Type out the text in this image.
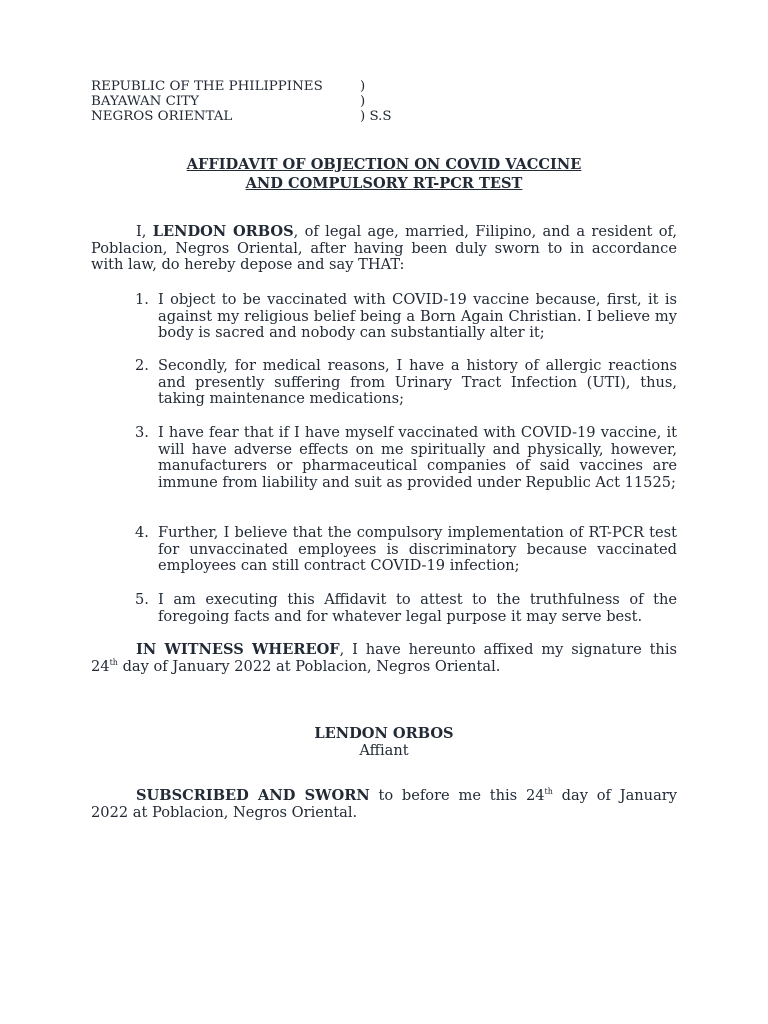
REPUBLIC OF THE PHILIPPINES	)
BAYAWAN CITY	)
NEGROS ORIENTAL	) S.S
AFFIDAVIT OF OBJECTION ON COVID VACCINE
AND COMPULSORY RT-PCR TEST

I, LENDON ORBOS, of legal age, married, Filipino, and a resident of, Poblacion, Negros Oriental, after having been duly sworn to in accordance with law, do hereby depose and say THAT:

1. I object to be vaccinated with COVID-19 vaccine because, first, it is against my religious belief being a Born Again Christian. I believe my body is sacred and nobody can substantially alter it;
2. Secondly, for medical reasons, I have a history of allergic reactions and presently suffering from Urinary Tract Infection (UTI), thus, taking maintenance medications;
3. I have fear that if I have myself vaccinated with COVID-19 vaccine, it will have adverse effects on me spiritually and physically, however, manufacturers or pharmaceutical companies of said vaccines are immune from liability and suit as provided under Republic Act 11525;
4. Further, I believe that the compulsory implementation of RT-PCR test for unvaccinated employees is discriminatory because vaccinated employees can still contract COVID-19 infection;
5. I am executing this Affidavit to attest to the truthfulness of the foregoing facts and for whatever legal purpose it may serve best.

IN WITNESS WHEREOF, I have hereunto affixed my signature this 24th day of January 2022 at Poblacion, Negros Oriental.

LENDON ORBOS
Affiant

SUBSCRIBED AND SWORN to before me this 24th day of January 2022 at Poblacion, Negros Oriental.
